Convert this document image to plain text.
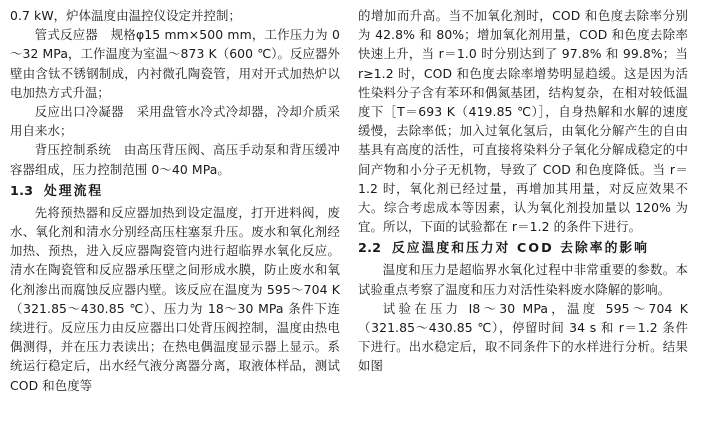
0.7 kW，炉体温度由温控仪设定并控制；

管式反应器　规格φ15 mm×500 mm，工作压力为 0～32 MPa，工作温度为室温～873 K（600 ℃）。反应器外壁由含钛不锈钢制成，内衬微孔陶瓷管，用对开式加热炉以电加热方式升温；

反应出口冷凝器　采用盘管水冷式冷却器，冷却介质采用自来水；

背压控制系统　由高压背压阀、高压手动泵和背压缓冲容器组成，压力控制范围 0～40 MPa。

1.3 处理流程

先将预热器和反应器加热到设定温度，打开进料阀，废水、氧化剂和清水分别经高压柱塞泵升压。废水和氧化剂经加热、预热，进入反应器陶瓷管内进行超临界水氧化反应。清水在陶瓷管和反应器承压壁之间形成水膜，防止废水和氧化剂渗出而腐蚀反应器内壁。该反应在温度为 595～704 K（321.85～430.85 ℃）、压力为 18～30 MPa 条件下连续进行。反应压力由反应器出口处背压阀控制，温度由热电偶测得，并在压力表读出；在热电偶温度显示器上显示。系统运行稳定后，出水经气液分离器分离，取液体样品，测试 COD 和色度等

的增加而升高。当不加氧化剂时，COD 和色度去除率分别为 42.8% 和 80%；增加氧化剂用量，COD 和色度去除率快速上升，当 r＝1.0 时分别达到了 97.8% 和 99.8%；当 r≥1.2 时，COD 和色度去除率增势明显趋缓。这是因为活性染料分子含有苯环和偶氮基团，结构复杂，在相对较低温度下［T＝693 K（419.85 ℃）］，自身热解和水解的速度缓慢，去除率低；加入过氧化氢后，由氧化分解产生的自由基具有高度的活性，可直接将染料分子氧化分解成稳定的中间产物和小分子无机物，导致了 COD 和色度降低。当 r＝1.2 时，氧化剂已经过量，再增加其用量，对反应效果不大。综合考虑成本等因素，认为氧化剂投加量以 120% 为宜。所以，下面的试验都在 r＝1.2 的条件下进行。

2.2 反应温度和压力对 COD 去除率的影响

温度和压力是超临界水氧化过程中非常重要的参数。本试验重点考察了温度和压力对活性染料废水降解的影响。

试验在压力 I8～30 MPa，温度 595～704 K（321.85～430.85 ℃），停留时间 34 s 和 r＝1.2 条件下进行。出水稳定后，取不同条件下的水样进行分析。结果如图
